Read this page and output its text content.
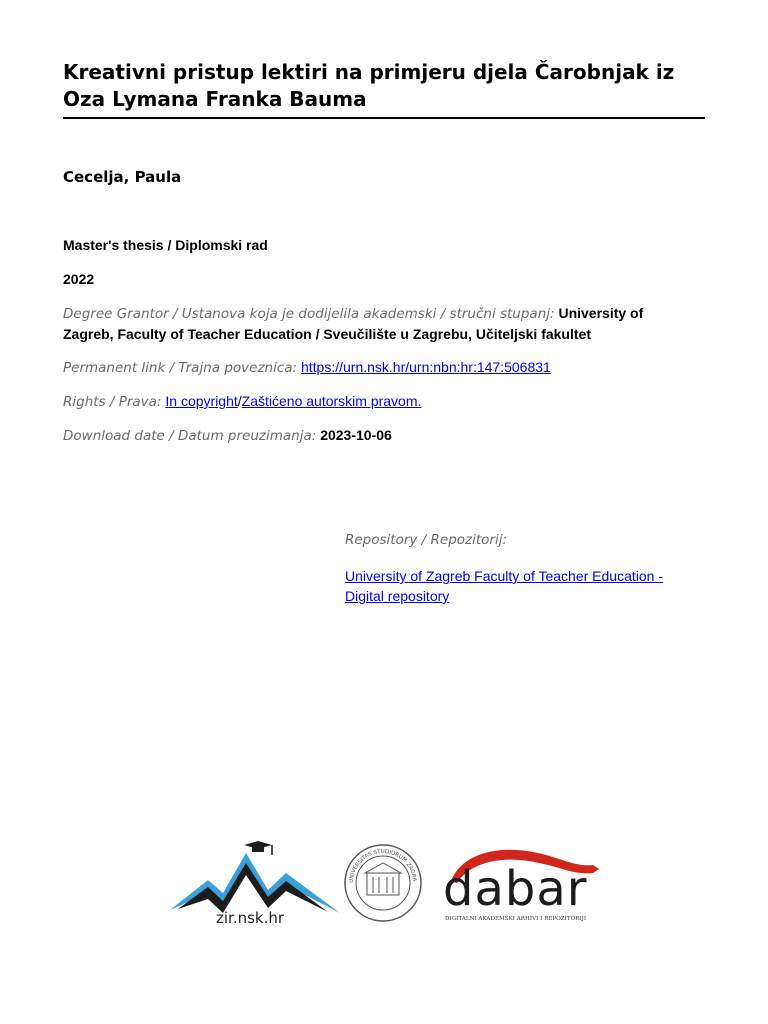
Kreativni pristup lektiri na primjeru djela Čarobnjak iz Oza Lymana Franka Bauma
Cecelja, Paula
Master's thesis / Diplomski rad
2022
Degree Grantor / Ustanova koja je dodijelila akademski / stručni stupanj: University of
Zagreb, Faculty of Teacher Education / Sveučilište u Zagrebu, Učiteljski fakultet
Permanent link / Trajna poveznica: https://urn.nsk.hr/urn:nbn:hr:147:506831
Rights / Prava: In copyright/Zaštićeno autorskim pravom.
Download date / Datum preuzimanja: 2023-10-06
Repository / Repozitorij:
University of Zagreb Faculty of Teacher Education -
Digital repository
zir.nsk.hr
UNIVERSITAS STUDIORUM ZAGRA dabar
DIGITALNI AKADEMSKI ARHIVI I REPOZITORIJI
